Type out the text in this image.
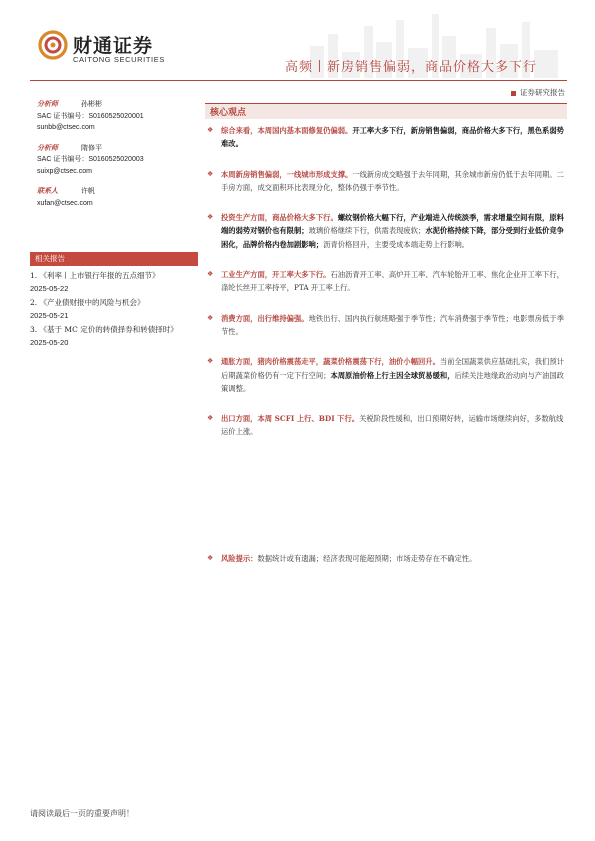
财通证券
CAITONG SECURITIES
高频丨新房销售偏弱，商品价格大多下行
证券研究报告
分析师	孙彬彬
SAC 证书编号：S0160525020001
sunbb@ctsec.com
分析师	隋修平
SAC 证书编号：S0160525020003
suixp@ctsec.com
联系人	许帆
xufan@ctsec.com
相关报告
1. 《利率丨上市银行年报的五点细节》
2025-05-22
2. 《产业债财报中的风险与机会》
2025-05-21
3. 《基于 MC 定价的转债择券和转债择时》
2025-05-20
核心观点
❖ 综合来看，本周国内基本面修复仍偏弱。开工率大多下行，新房销售偏弱，商品价格大多下行，黑色系弱势难改。
❖ 本周新房销售偏弱，一线城市形成支撑。一线新房成交略强于去年同期，其余城市新房仍低于去年同期。二手房方面，成交面积环比表现分化，整体仍强于季节性。
❖ 投资生产方面，商品价格大多下行。螺纹钢价格大幅下行，产业端进入传统淡季，需求增量空间有限，原料端的弱势对钢价也有限制；玻璃价格继续下行，供需表现疲软；水泥价格持续下降，部分受到行业低价竞争困化，品牌价格内卷加剧影响；沥青价格回升，主要受成本端走势上行影响。
❖ 工业生产方面，开工率大多下行。石油沥青开工率、高炉开工率、汽车轮胎开工率、焦化企业开工率下行，涤纶长丝开工率持平，PTA 开工率上行。
❖ 消费方面，出行维持偏强。地铁出行、国内执行航班略强于季节性；汽车消费强于季节性；电影票房低于季节性。
❖ 通胀方面，猪肉价格震荡走平，蔬菜价格震荡下行，油价小幅回升。当前全国蔬菜供应基础扎实，我们预计后期蔬菜价格仍有一定下行空间；本周原油价格上行主因全球贸易缓和，后续关注地缘政治动向与产油国政策调整。
❖ 出口方面，本周 SCFI 上行、BDI 下行。关税阶段性缓和，出口预期好转，运输市场继续向好，多数航线运价上涨。
❖ 风险提示：数据统计或有遗漏；经济表现可能超预期；市场走势存在不确定性。
请阅读最后一页的重要声明！
